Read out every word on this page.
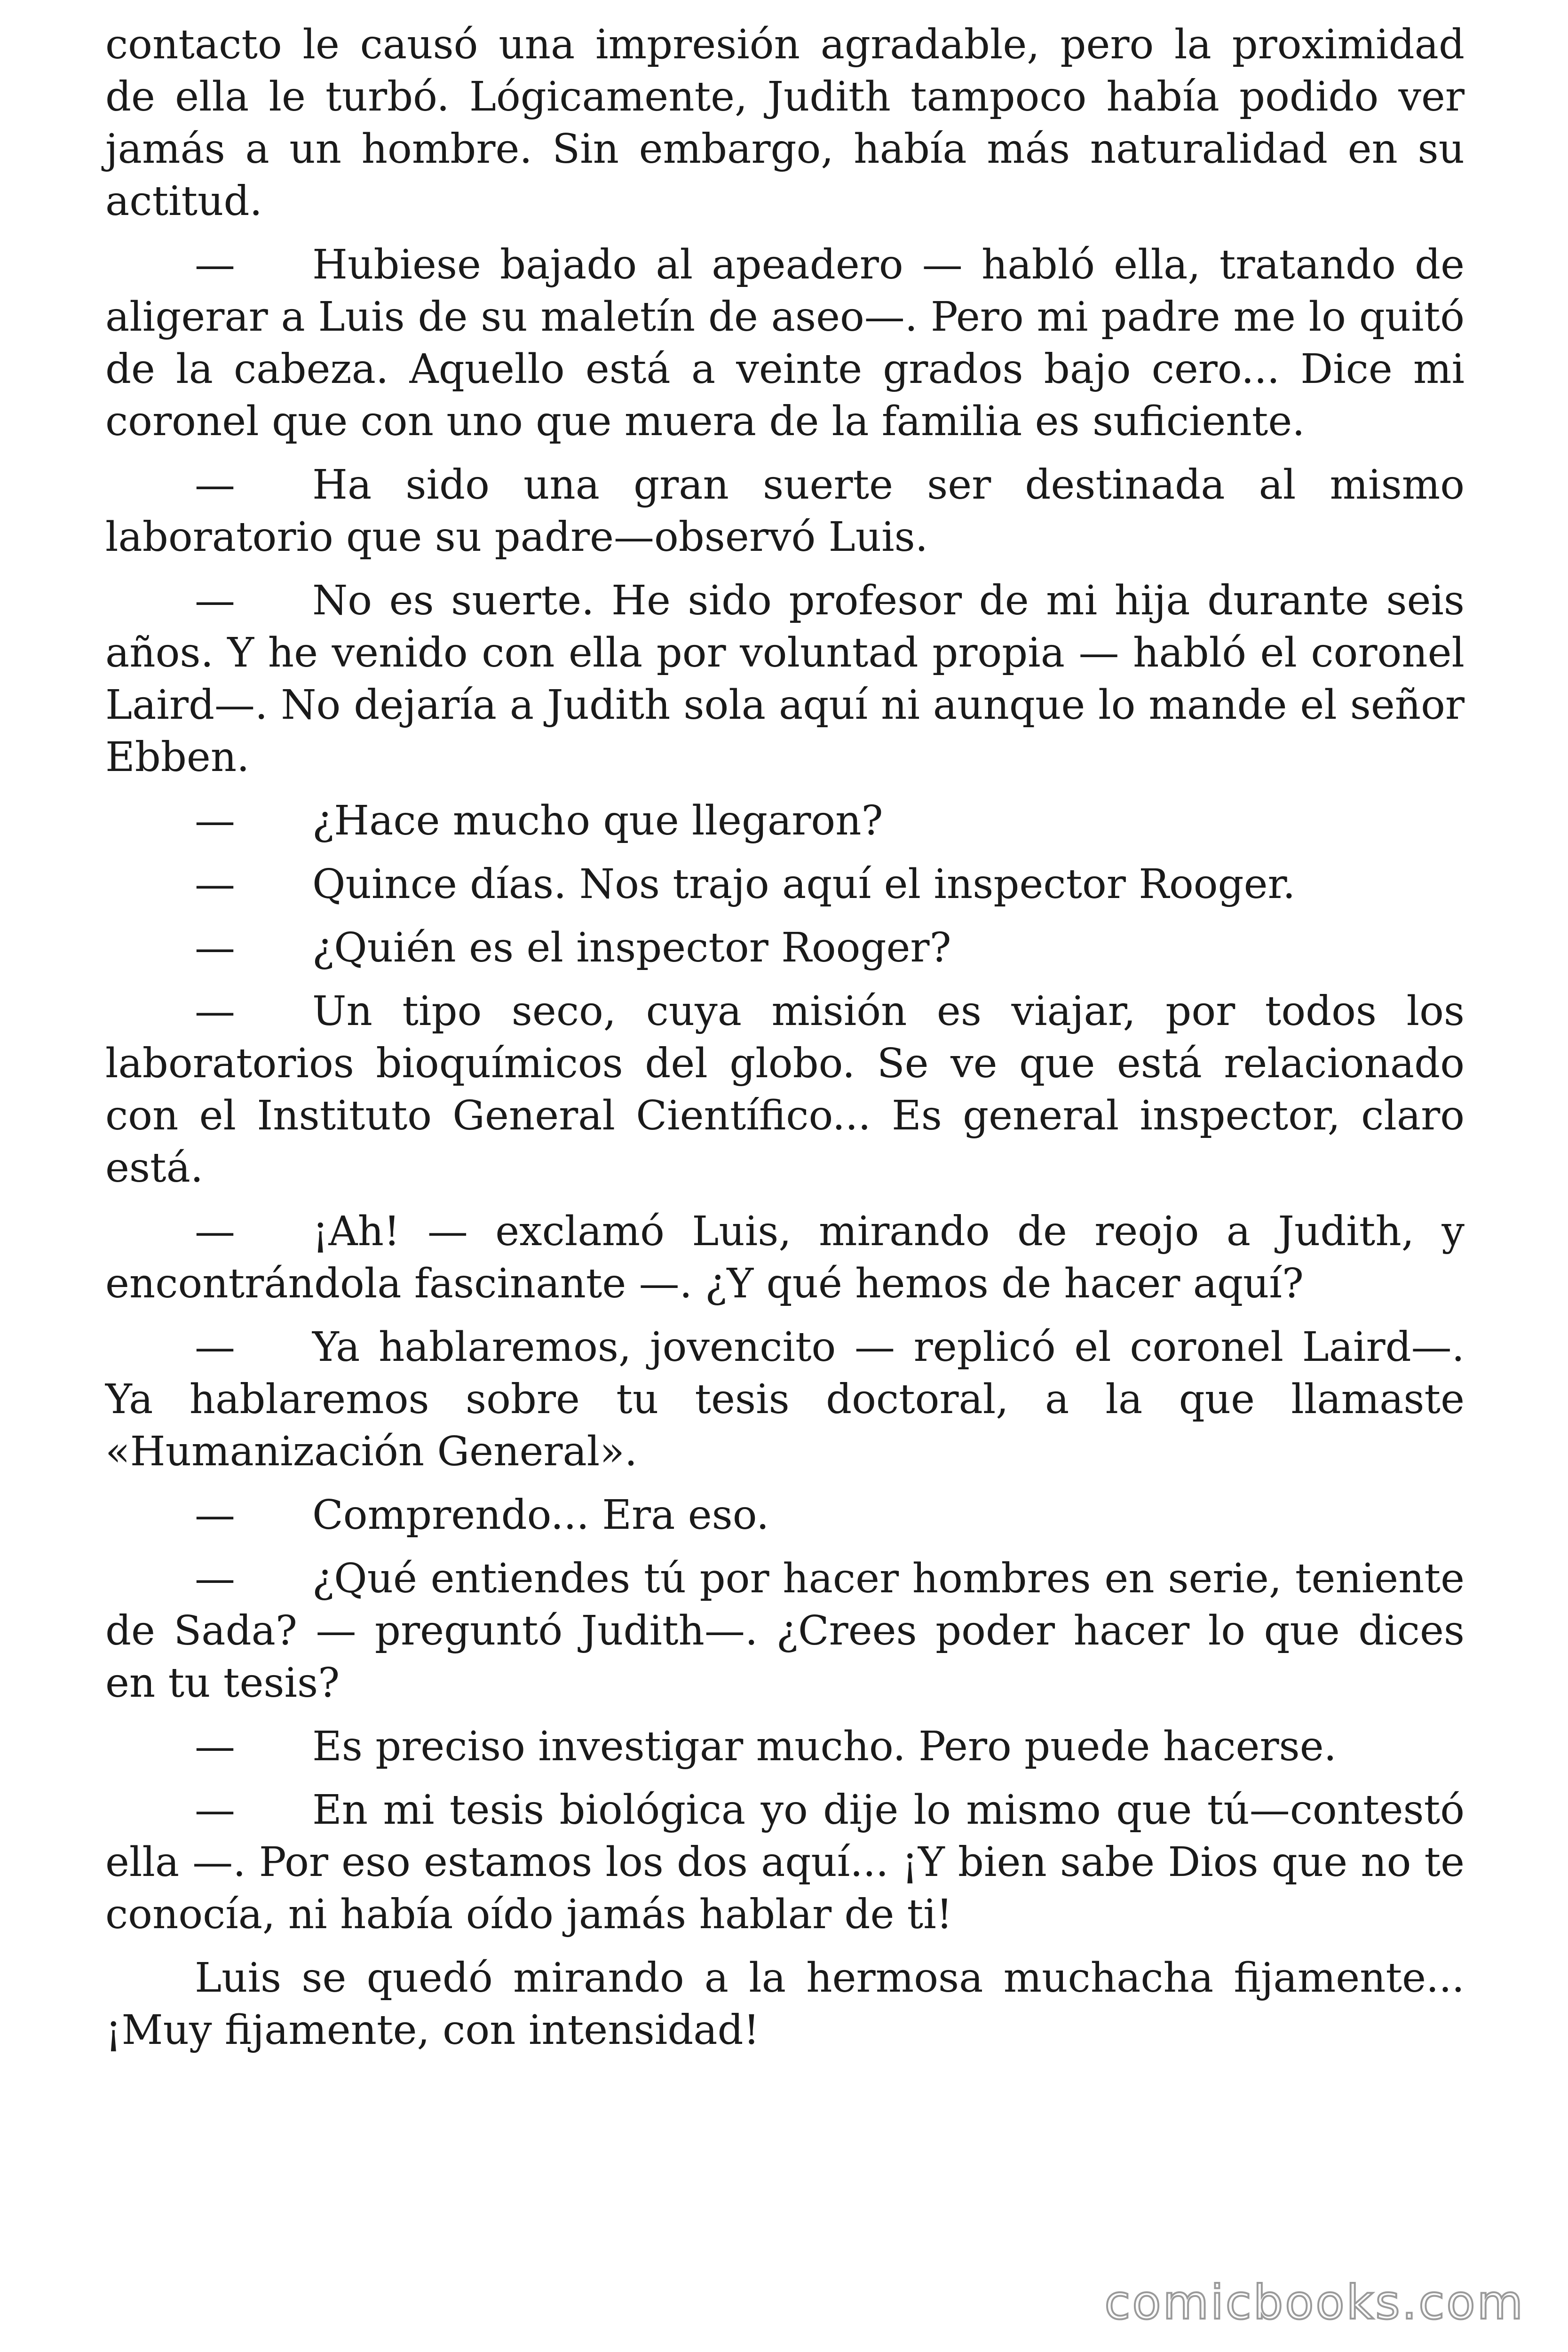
contacto le causó una impresión agradable, pero la proximidad de ella le turbó. Lógicamente, Judith tampoco había podido ver jamás a un hombre. Sin embargo, había más naturalidad en su actitud.

— Hubiese bajado al apeadero — habló ella, tratando de aligerar a Luis de su maletín de aseo—. Pero mi padre me lo quitó de la cabeza. Aquello está a veinte grados bajo cero... Dice mi coronel que con uno que muera de la familia es suficiente.

— Ha sido una gran suerte ser destinada al mismo laboratorio que su padre—observó Luis.

— No es suerte. He sido profesor de mi hija durante seis años. Y he venido con ella por voluntad propia — habló el coronel Laird—. No dejaría a Judith sola aquí ni aunque lo mande el señor Ebben.

— ¿Hace mucho que llegaron?

— Quince días. Nos trajo aquí el inspector Rooger.

— ¿Quién es el inspector Rooger?

— Un tipo seco, cuya misión es viajar, por todos los laboratorios bioquímicos del globo. Se ve que está relacionado con el Instituto General Científico... Es general inspector, claro está.

— ¡Ah! — exclamó Luis, mirando de reojo a Judith, y encontrándola fascinante —. ¿Y qué hemos de hacer aquí?

— Ya hablaremos, jovencito — replicó el coronel Laird—. Ya hablaremos sobre tu tesis doctoral, a la que llamaste «Humanización General».

— Comprendo... Era eso.

— ¿Qué entiendes tú por hacer hombres en serie, teniente de Sada? — preguntó Judith—. ¿Crees poder hacer lo que dices en tu tesis?

— Es preciso investigar mucho. Pero puede hacerse.

— En mi tesis biológica yo dije lo mismo que tú—contestó ella —. Por eso estamos los dos aquí... ¡Y bien sabe Dios que no te conocía, ni había oído jamás hablar de ti!

Luis se quedó mirando a la hermosa muchacha fijamente... ¡Muy fijamente, con intensidad!

comicbooks.com
